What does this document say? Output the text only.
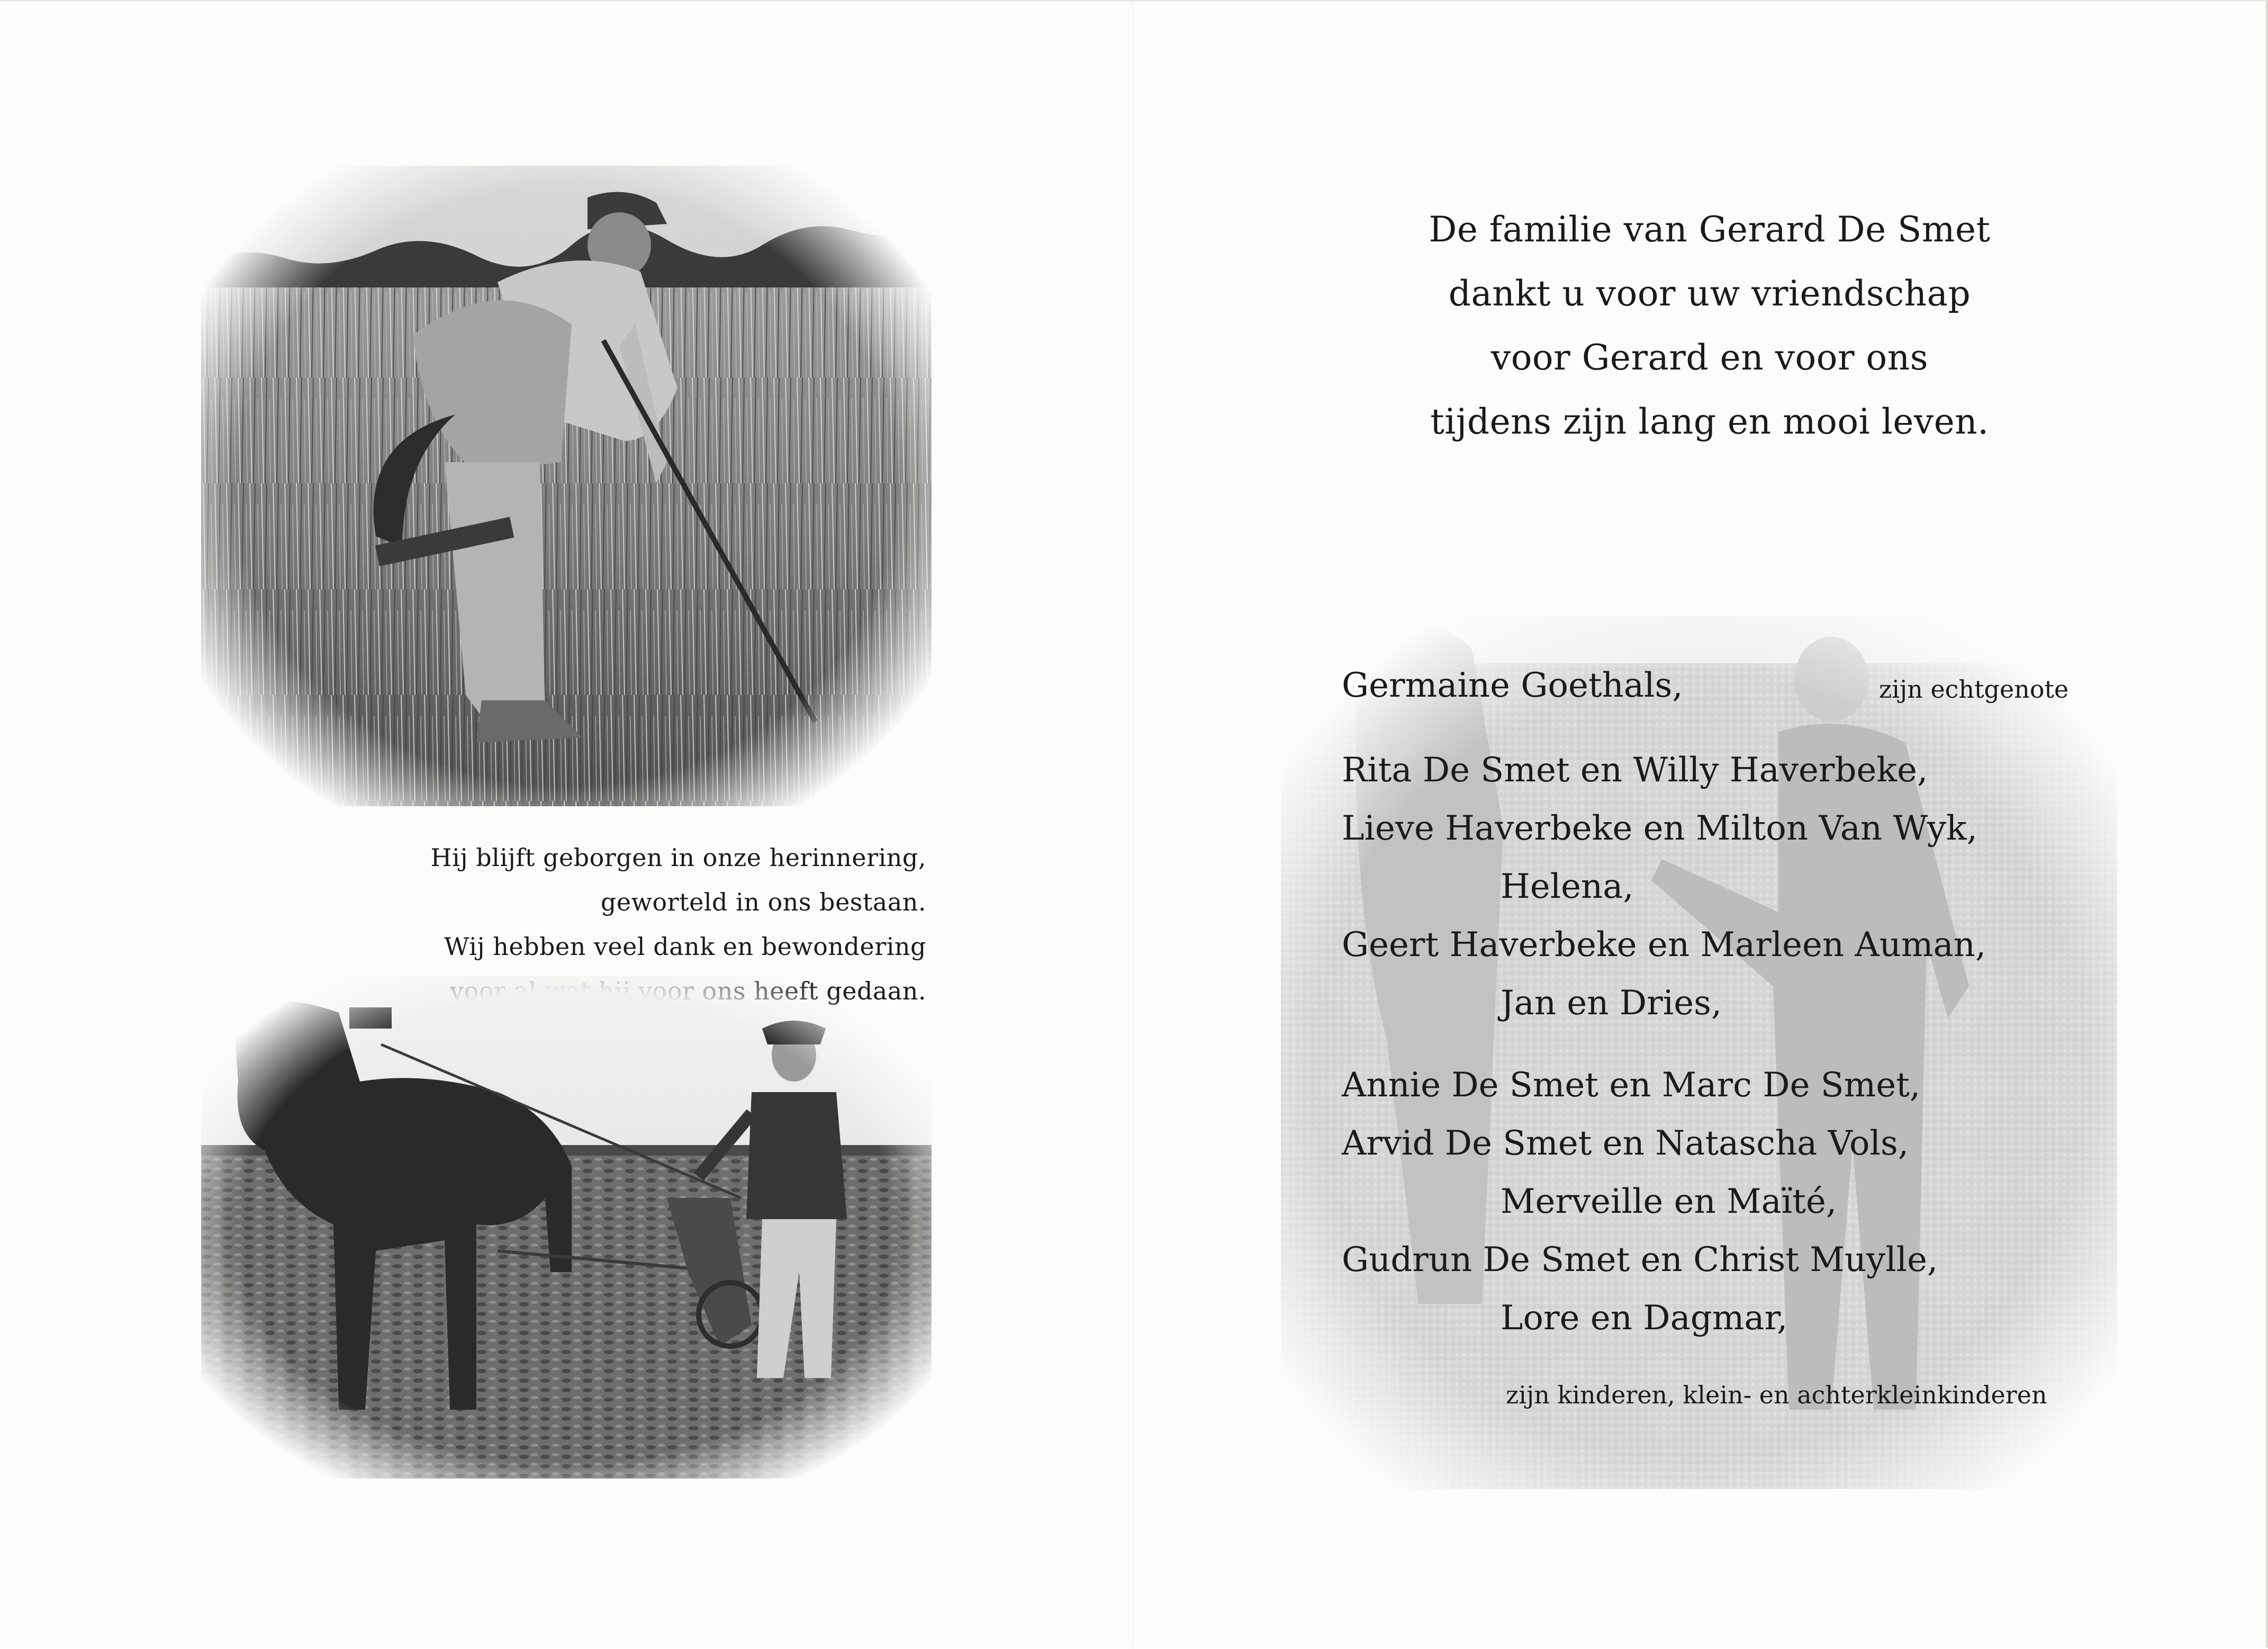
Hij blijft geborgen in onze herinnering,
geworteld in ons bestaan.
Wij hebben veel dank en bewondering
De familie van Gerard De Smet
dankt u voor uw vriendschap
voor Gerard en voor ons
tijdens zijn lang en mooi leven.
Germaine Goethals,	zijn echtgenote
Rita De Smet en Willy Haverbeke,
Lieve Haverbeke en Milton Van Wyk,
Helena,
Geert Haverbeke en Marleen Auman,
Jan en Dries,
Annie De Smet en Marc De Smet,
Arvid De Smet en Natascha Vols,
Merveille en Maïté,
Gudrun De Smet en Christ Muylle,
Lore en Dagmar,
zijn kinderen, klein- en achterkleinkinderen
